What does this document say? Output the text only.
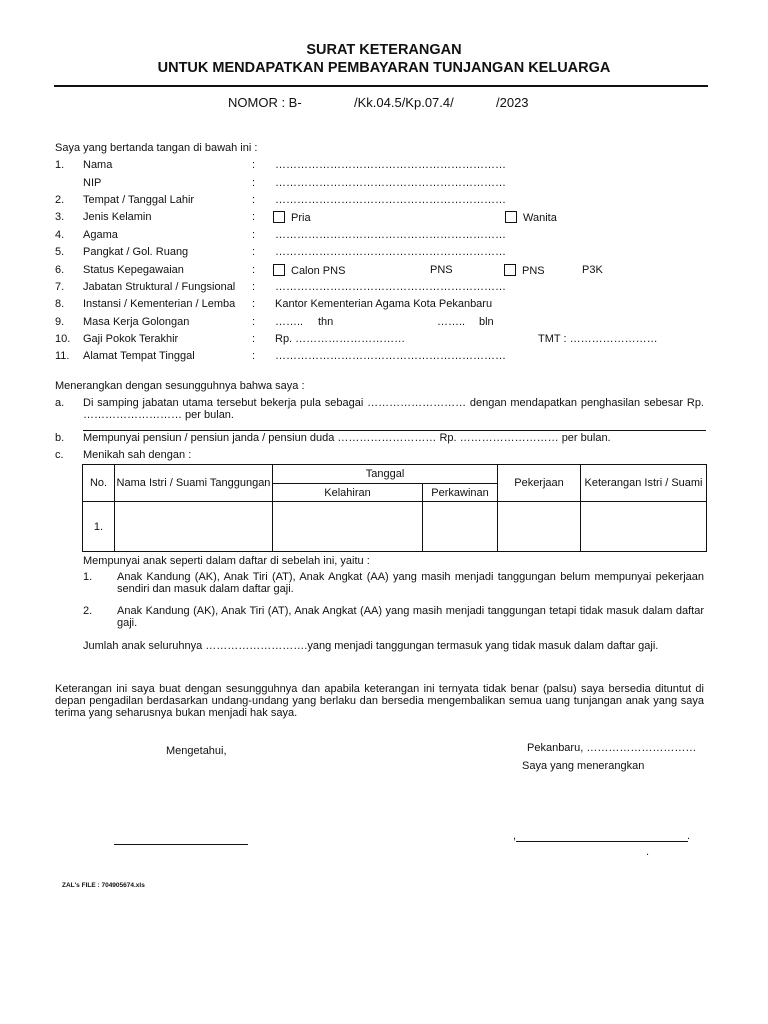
SURAT KETERANGAN
UNTUK MENDAPATKAN PEMBAYARAN TUNJANGAN KELUARGA
NOMOR : B-	/Kk.04.5/Kp.07.4/	/2023
Saya yang bertanda tangan di bawah ini :
1. Nama	: ………………………………………………………
NIP	: ………………………………………………………
2. Tempat / Tanggal Lahir	: ………………………………………………………
3. Jenis Kelamin	:	Pria	Wanita
4. Agama	: ………………………………………………………
5. Pangkat / Gol. Ruang	: ………………………………………………………
6. Status Kepegawaian	:	Calon PNS	PNS	PNS	P3K
7. Jabatan Struktural / Fungsional : ………………………………………………………
8. Instansi / Kementerian / Lemba : Kantor Kementerian Agama Kota Pekanbaru
9. Masa Kerja Golongan	: …….. thn	…….. bln
10. Gaji Pokok Terakhir	: Rp. …………………………	TMT : ……………………
11. Alamat Tempat Tinggal	: ………………………………………………………
Menerangkan dengan sesungguhnya bahwa saya :
a. Di samping jabatan utama tersebut bekerja pula sebagai ……………………… dengan mendapatkan penghasilan sebesar Rp. ……………………… per bulan.
b. Mempunyai pensiun / pensiun janda / pensiun duda ……………………… Rp. ……………………… per bulan.
c. Menikah sah dengan :
No.	Nama Istri / Suami Tanggungan	Tanggal		Pekerjaan	Keterangan Istri / Suami
		Kelahiran	Perkawinan		
1.					
Mempunyai anak seperti dalam daftar di sebelah ini, yaitu :
1. Anak Kandung (AK), Anak Tiri (AT), Anak Angkat (AA) yang masih menjadi tanggungan belum mempunyai pekerjaan sendiri dan masuk dalam daftar gaji.
2. Anak Kandung (AK), Anak Tiri (AT), Anak Angkat (AA) yang masih menjadi tanggungan tetapi tidak masuk dalam daftar gaji.
Jumlah anak seluruhnya ……………………….yang menjadi tanggungan termasuk yang tidak masuk dalam daftar gaji.
Keterangan ini saya buat dengan sesungguhnya dan apabila keterangan ini ternyata tidak benar (palsu) saya bersedia dituntut di depan pengadilan berdasarkan undang-undang yang berlaku dan bersedia mengembalikan semua uang tunjangan anak yang saya terima yang seharusnya bukan menjadi hak saya.
Mengetahui,	Pekanbaru, …………………………
Saya yang menerangkan
,	.
.
ZAL's FILE : 704905674.xls
